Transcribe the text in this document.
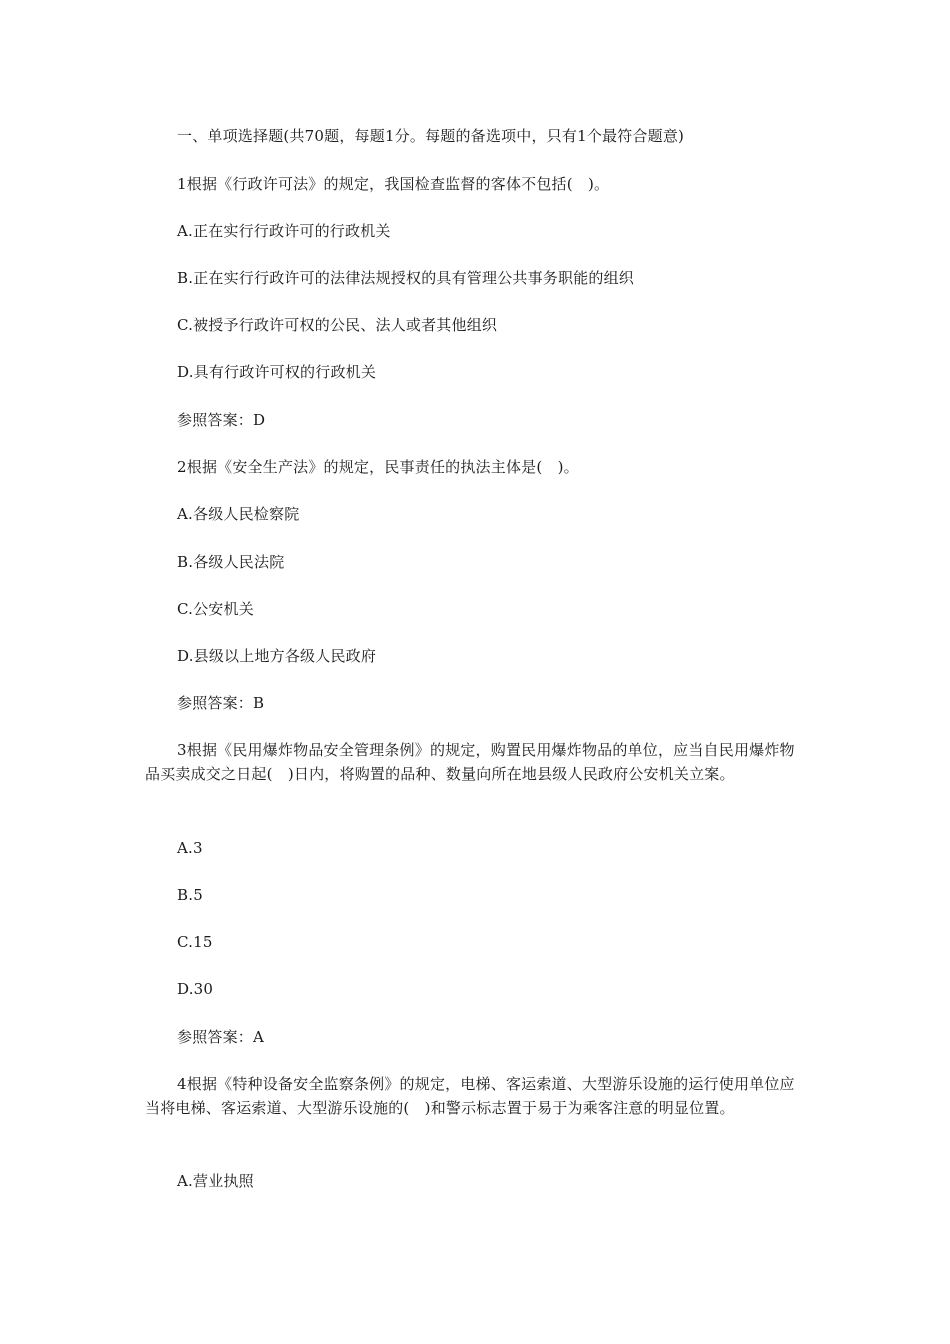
一、单项选择题(共70题，每题1分。每题的备选项中，只有1个最符合题意)
1根据《行政许可法》的规定，我国检查监督的客体不包括(　)。
A.正在实行行政许可的行政机关
B.正在实行行政许可的法律法规授权的具有管理公共事务职能的组织
C.被授予行政许可权的公民、法人或者其他组织
D.具有行政许可权的行政机关
参照答案：D
2根据《安全生产法》的规定，民事责任的执法主体是(　)。
A.各级人民检察院
B.各级人民法院
C.公安机关
D.县级以上地方各级人民政府
参照答案：B
3根据《民用爆炸物品安全管理条例》的规定，购置民用爆炸物品的单位，应当自民用爆炸物品买卖成交之日起(　)日内，将购置的品种、数量向所在地县级人民政府公安机关立案。
A.3
B.5
C.15
D.30
参照答案：A
4根据《特种设备安全监察条例》的规定，电梯、客运索道、大型游乐设施的运行使用单位应当将电梯、客运索道、大型游乐设施的(　)和警示标志置于易于为乘客注意的明显位置。
A.营业执照
